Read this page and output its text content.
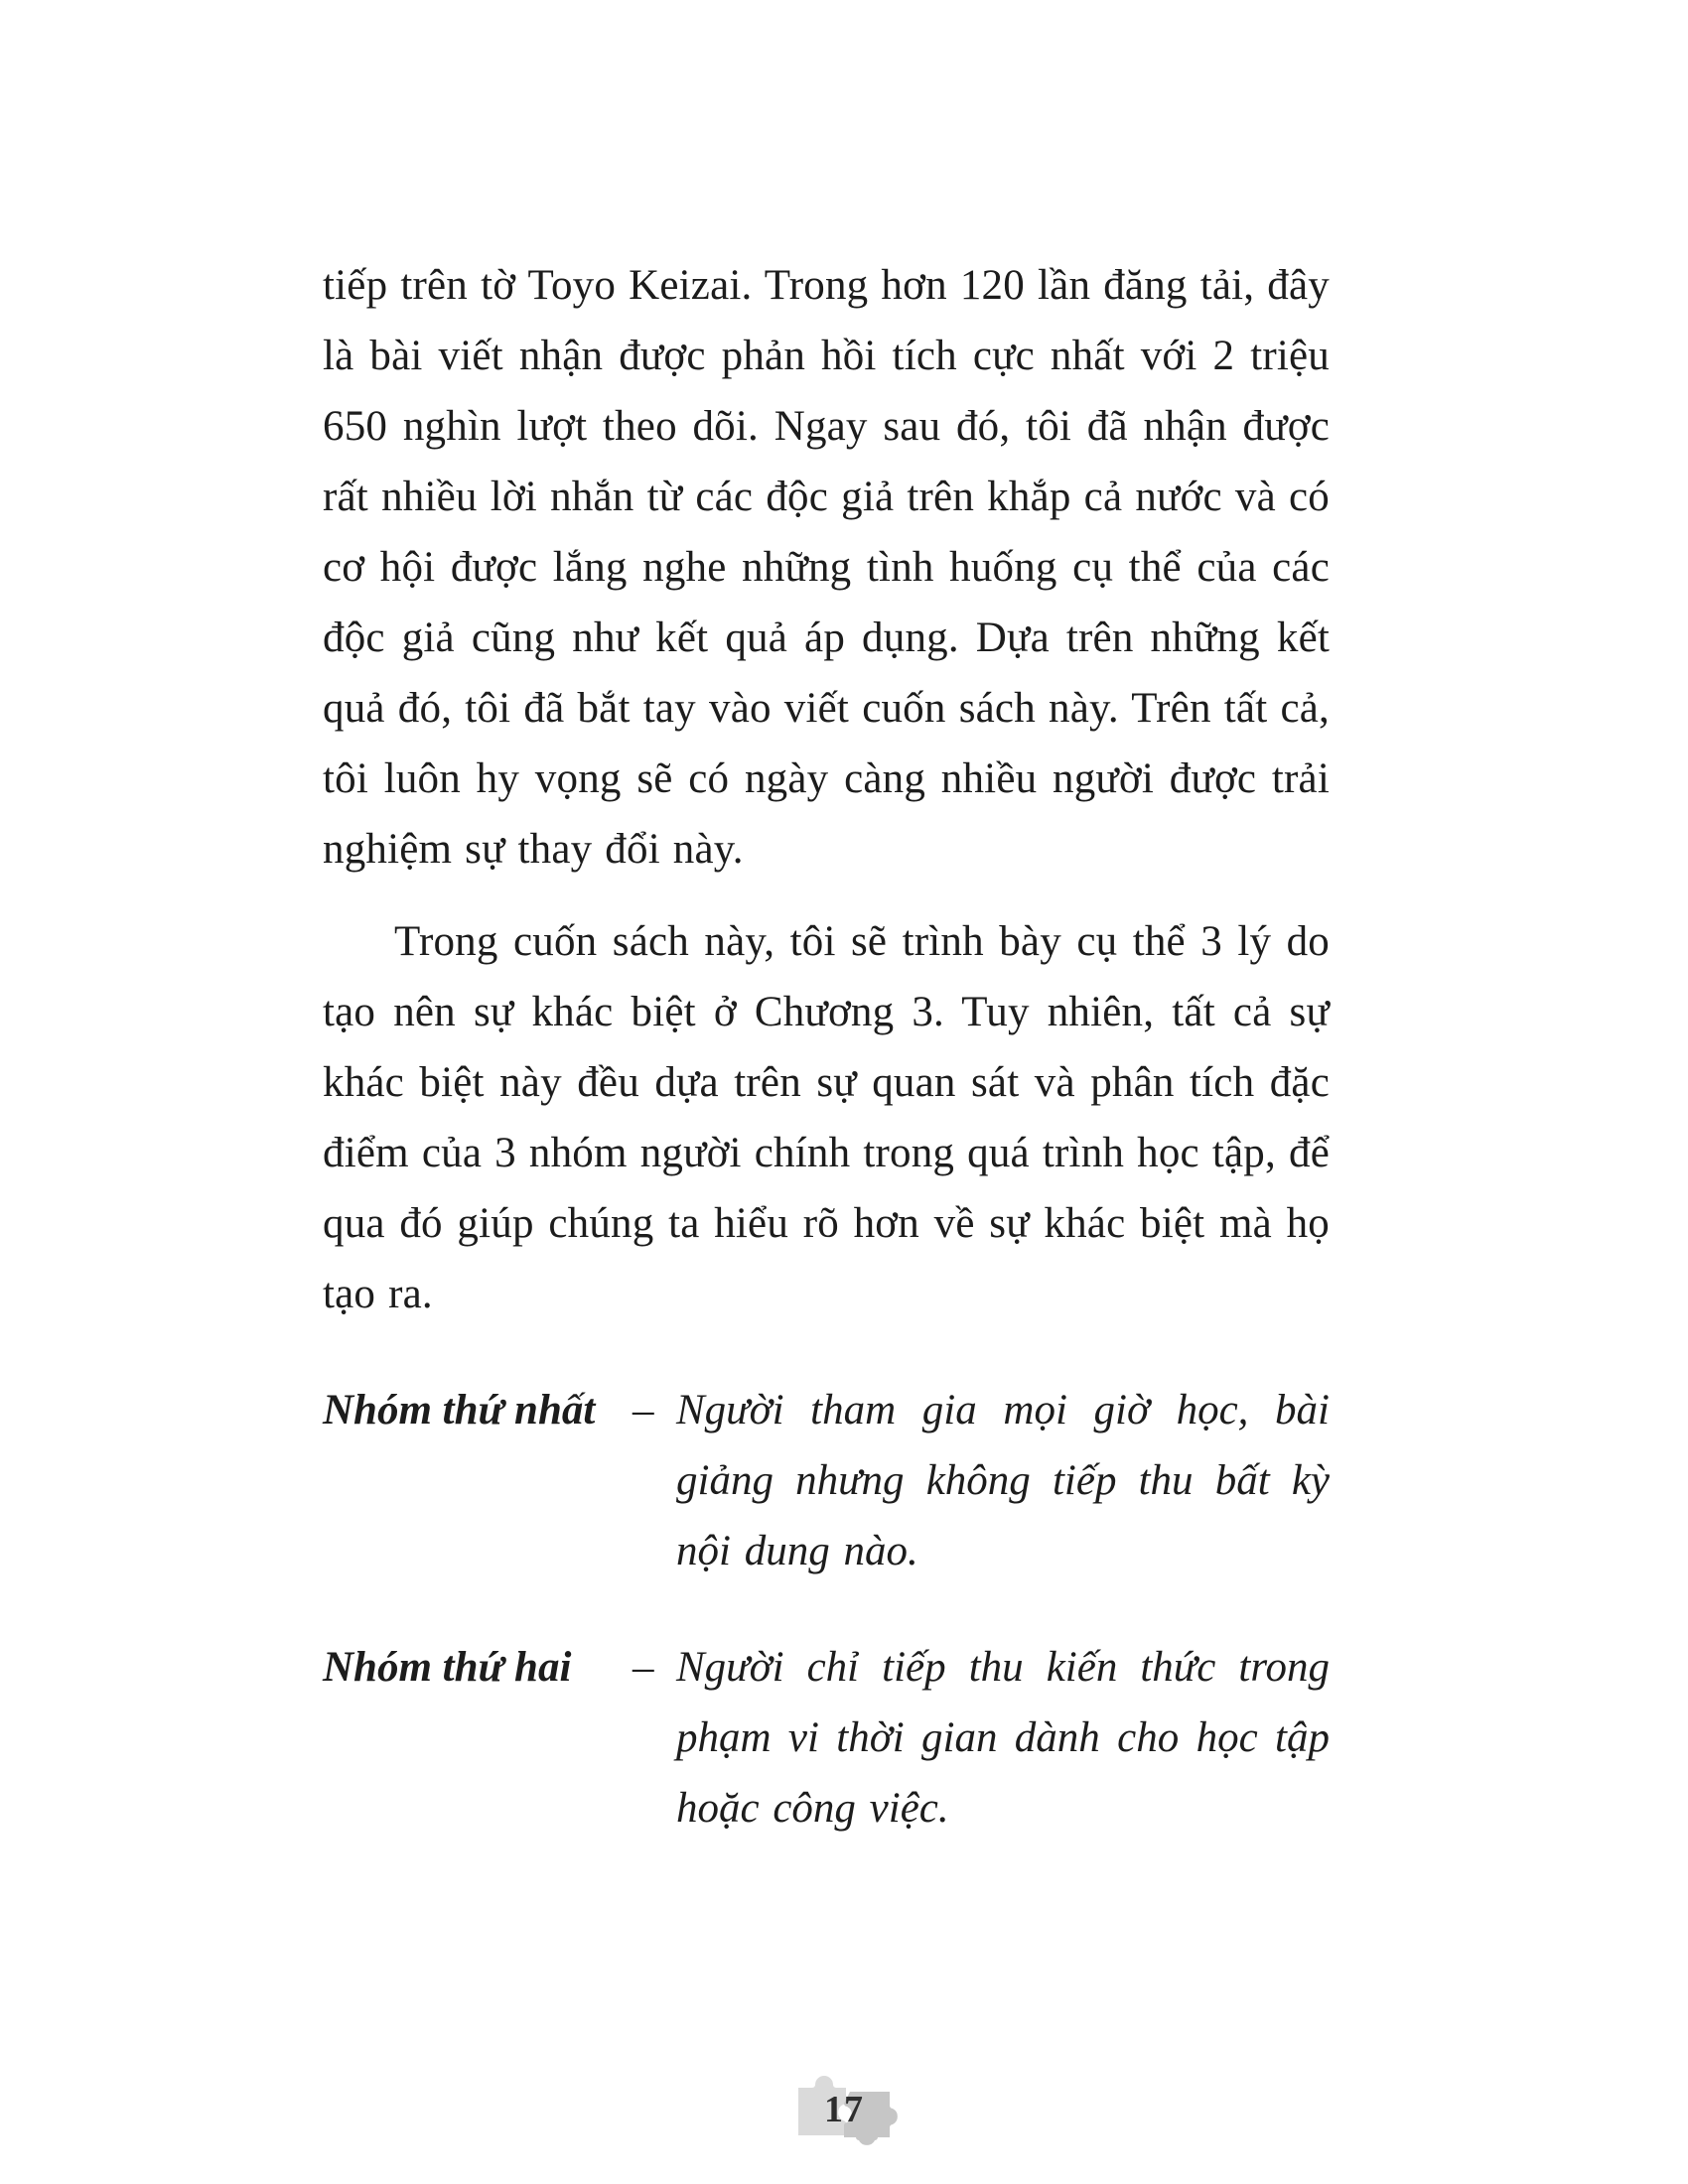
tiếp trên tờ Toyo Keizai. Trong hơn 120 lần đăng tải, đây là bài viết nhận được phản hồi tích cực nhất với 2 triệu 650 nghìn lượt theo dõi. Ngay sau đó, tôi đã nhận được rất nhiều lời nhắn từ các độc giả trên khắp cả nước và có cơ hội được lắng nghe những tình huống cụ thể của các độc giả cũng như kết quả áp dụng. Dựa trên những kết quả đó, tôi đã bắt tay vào viết cuốn sách này. Trên tất cả, tôi luôn hy vọng sẽ có ngày càng nhiều người được trải nghiệm sự thay đổi này.

Trong cuốn sách này, tôi sẽ trình bày cụ thể 3 lý do tạo nên sự khác biệt ở Chương 3. Tuy nhiên, tất cả sự khác biệt này đều dựa trên sự quan sát và phân tích đặc điểm của 3 nhóm người chính trong quá trình học tập, để qua đó giúp chúng ta hiểu rõ hơn về sự khác biệt mà họ tạo ra.

Nhóm thứ nhất – Người tham gia mọi giờ học, bài giảng nhưng không tiếp thu bất kỳ nội dung nào.
Nhóm thứ hai	– Người chỉ tiếp thu kiến thức trong phạm vi thời gian dành cho học tập hoặc công việc.
17
